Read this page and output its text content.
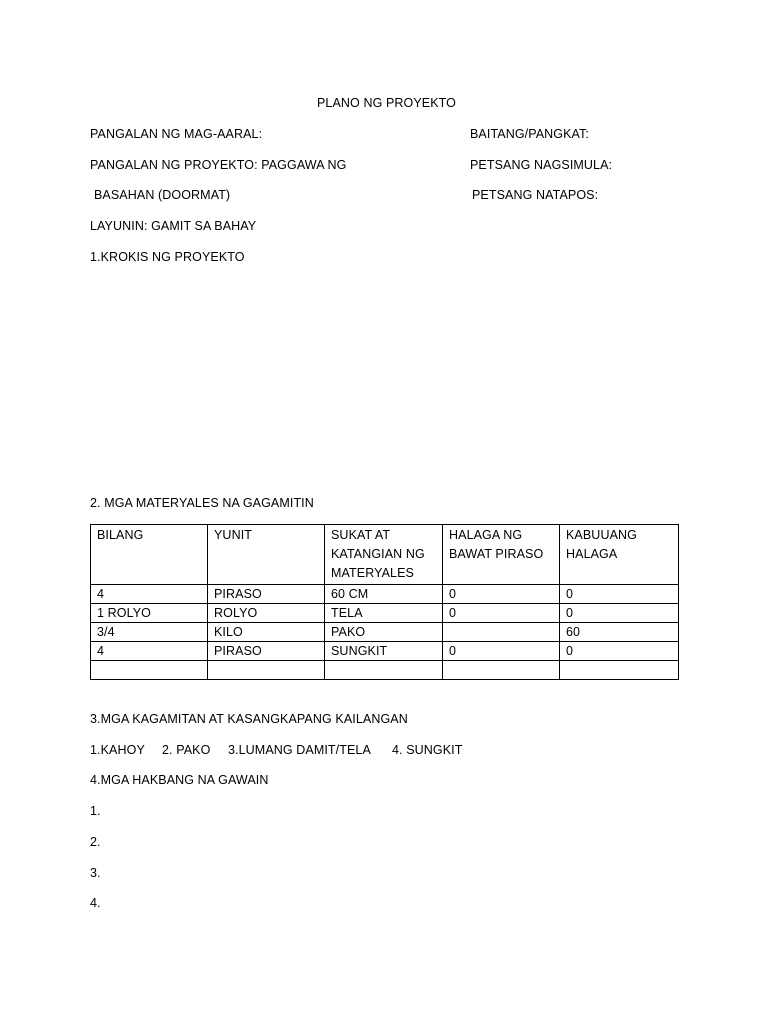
PLANO NG PROYEKTO
PANGALAN NG MAG-AARAL:	BAITANG/PANGKAT:
PANGALAN NG PROYEKTO: PAGGAWA NG	PETSANG NAGSIMULA:
BASAHAN (DOORMAT)	PETSANG NATAPOS:
LAYUNIN: GAMIT SA BAHAY
1.KROKIS NG PROYEKTO
2. MGA MATERYALES NA GAGAMITIN
BILANG	YUNIT	SUKAT AT KATANGIAN NG MATERYALES	HALAGA NG BAWAT PIRASO	KABUUANG HALAGA
4	PIRASO	60 CM	0	0
1 ROLYO	ROLYO	TELA	0	0
3/4	KILO	PAKO		60
4	PIRASO	SUNGKIT	0	0

3.MGA KAGAMITAN AT KASANGKAPANG KAILANGAN
1.KAHOY 2. PAKO 3.LUMANG DAMIT/TELA 4. SUNGKIT
4.MGA HAKBANG NA GAWAIN
1.
2.
3.
4.
